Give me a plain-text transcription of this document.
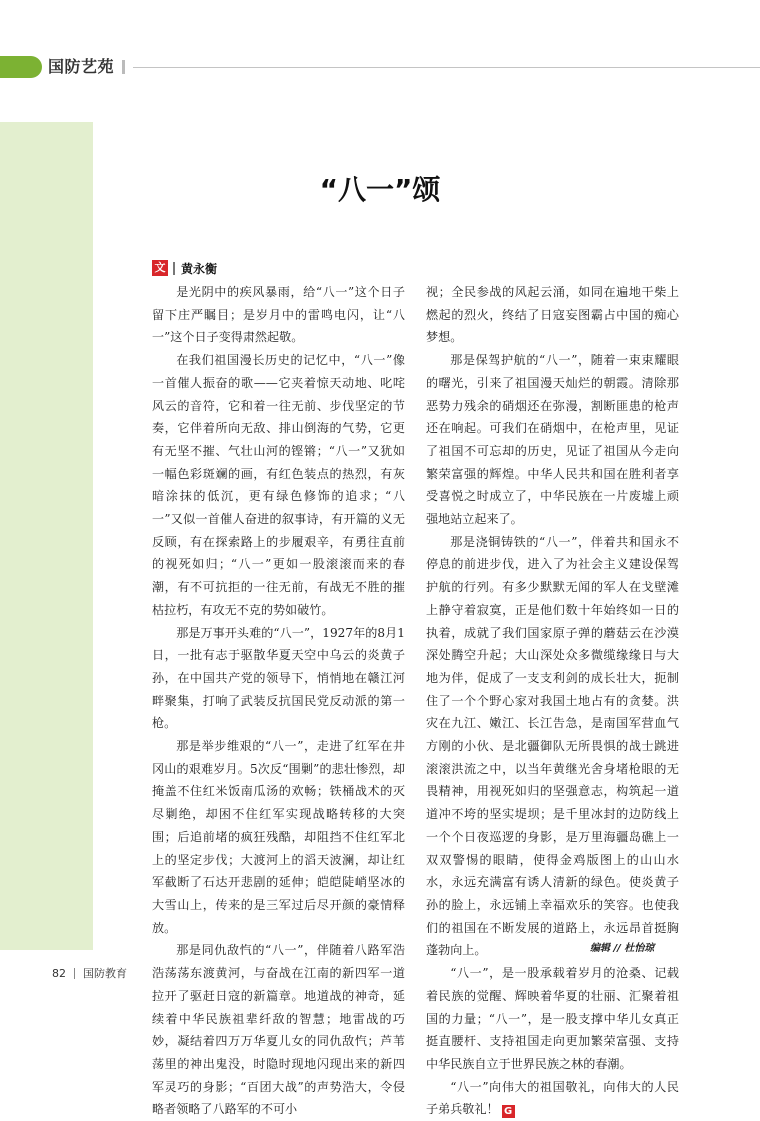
国防艺苑
“八一”颂
文 黄永衡

是光阴中的疾风暴雨，给“八一”这个日子留下庄严瞩目；是岁月中的雷鸣电闪，让“八一”这个日子变得肃然起敬。

在我们祖国漫长历史的记忆中，“八一”像一首催人振奋的歌——它夹着惊天动地、叱咤风云的音符，它和着一往无前、步伐坚定的节奏，它伴着所向无敌、排山倒海的气势，它更有无坚不摧、气壮山河的铿锵；“八一”又犹如一幅色彩斑斓的画，有红色装点的热烈，有灰暗涂抹的低沉，更有绿色修饰的追求；“八一”又似一首催人奋进的叙事诗，有开篇的义无反顾，有在探索路上的步履艰辛，有勇往直前的视死如归；“八一”更如一股滚滚而来的春潮，有不可抗拒的一往无前，有战无不胜的摧枯拉朽，有攻无不克的势如破竹。

那是万事开头难的“八一”，1927年的8月1日，一批有志于驱散华夏天空中乌云的炎黄子孙，在中国共产党的领导下，悄悄地在赣江河畔聚集，打响了武装反抗国民党反动派的第一枪。

那是举步维艰的“八一”，走进了红军在井冈山的艰难岁月。5次反“围剿”的悲壮惨烈，却掩盖不住红米饭南瓜汤的欢畅；铁桶战术的灭尽剿绝，却困不住红军实现战略转移的大突围；后追前堵的疯狂残酷，却阻挡不住红军北上的坚定步伐；大渡河上的滔天波澜，却让红军截断了石达开悲剧的延伸；皑皑陡峭坚冰的大雪山上，传来的是三军过后尽开颜的豪情释放。

那是同仇敌忾的“八一”，伴随着八路军浩浩荡荡东渡黄河，与奋战在江南的新四军一道拉开了驱赶日寇的新篇章。地道战的神奇，延续着中华民族祖辈纤敌的智慧；地雷战的巧妙，凝结着四万万华夏儿女的同仇敌忾；芦苇荡里的神出鬼没，时隐时现地闪现出来的新四军灵巧的身影；“百团大战”的声势浩大，令侵略者领略了八路军的不可小

视；全民参战的风起云涌，如同在遍地干柴上燃起的烈火，终结了日寇妄图霸占中国的痴心梦想。

那是保驾护航的“八一”，随着一束束耀眼的曙光，引来了祖国漫天灿烂的朝霞。清除那恶势力残余的硝烟还在弥漫，割断匪患的枪声还在响起。可我们在硝烟中，在枪声里，见证了祖国不可忘却的历史，见证了祖国从今走向繁荣富强的辉煌。中华人民共和国在胜利者享受喜悦之时成立了，中华民族在一片废墟上顽强地站立起来了。

那是浇铜铸铁的“八一”，伴着共和国永不停息的前进步伐，进入了为社会主义建设保驾护航的行列。有多少默默无闻的军人在戈壁滩上静守着寂寞，正是他们数十年始终如一日的执着，成就了我们国家原子弹的蘑菇云在沙漠深处腾空升起；大山深处众多微缆缘缘日与大地为伴，促成了一支支利剑的成长壮大，扼制住了一个个野心家对我国土地占有的贪婪。洪灾在九江、嫩江、长江告急，是南国军营血气方刚的小伙、是北疆御队无所畏惧的战士跳进滚滚洪流之中，以当年黄继光舍身堵枪眼的无畏精神，用视死如归的坚强意志，构筑起一道道冲不垮的坚实堤坝；是千里冰封的边防线上一个个日夜巡逻的身影，是万里海疆岛礁上一双双警惕的眼睛，使得金鸡版图上的山山水水，永远充满富有诱人清新的绿色。使炎黄子孙的脸上，永远铺上幸福欢乐的笑容。也使我们的祖国在不断发展的道路上，永远昂首挺胸蓬勃向上。

“八一”，是一股承载着岁月的沧桑、记载着民族的觉醒、辉映着华夏的壮丽、汇聚着祖国的力量；“八一”，是一股支撑中华儿女真正挺直腰杆、支持祖国走向更加繁荣富强、支持中华民族自立于世界民族之林的春潮。

“八一”向伟大的祖国敬礼，向伟大的人民子弟兵敬礼！ G

编辑 // 杜怡琼
82 国防教育
